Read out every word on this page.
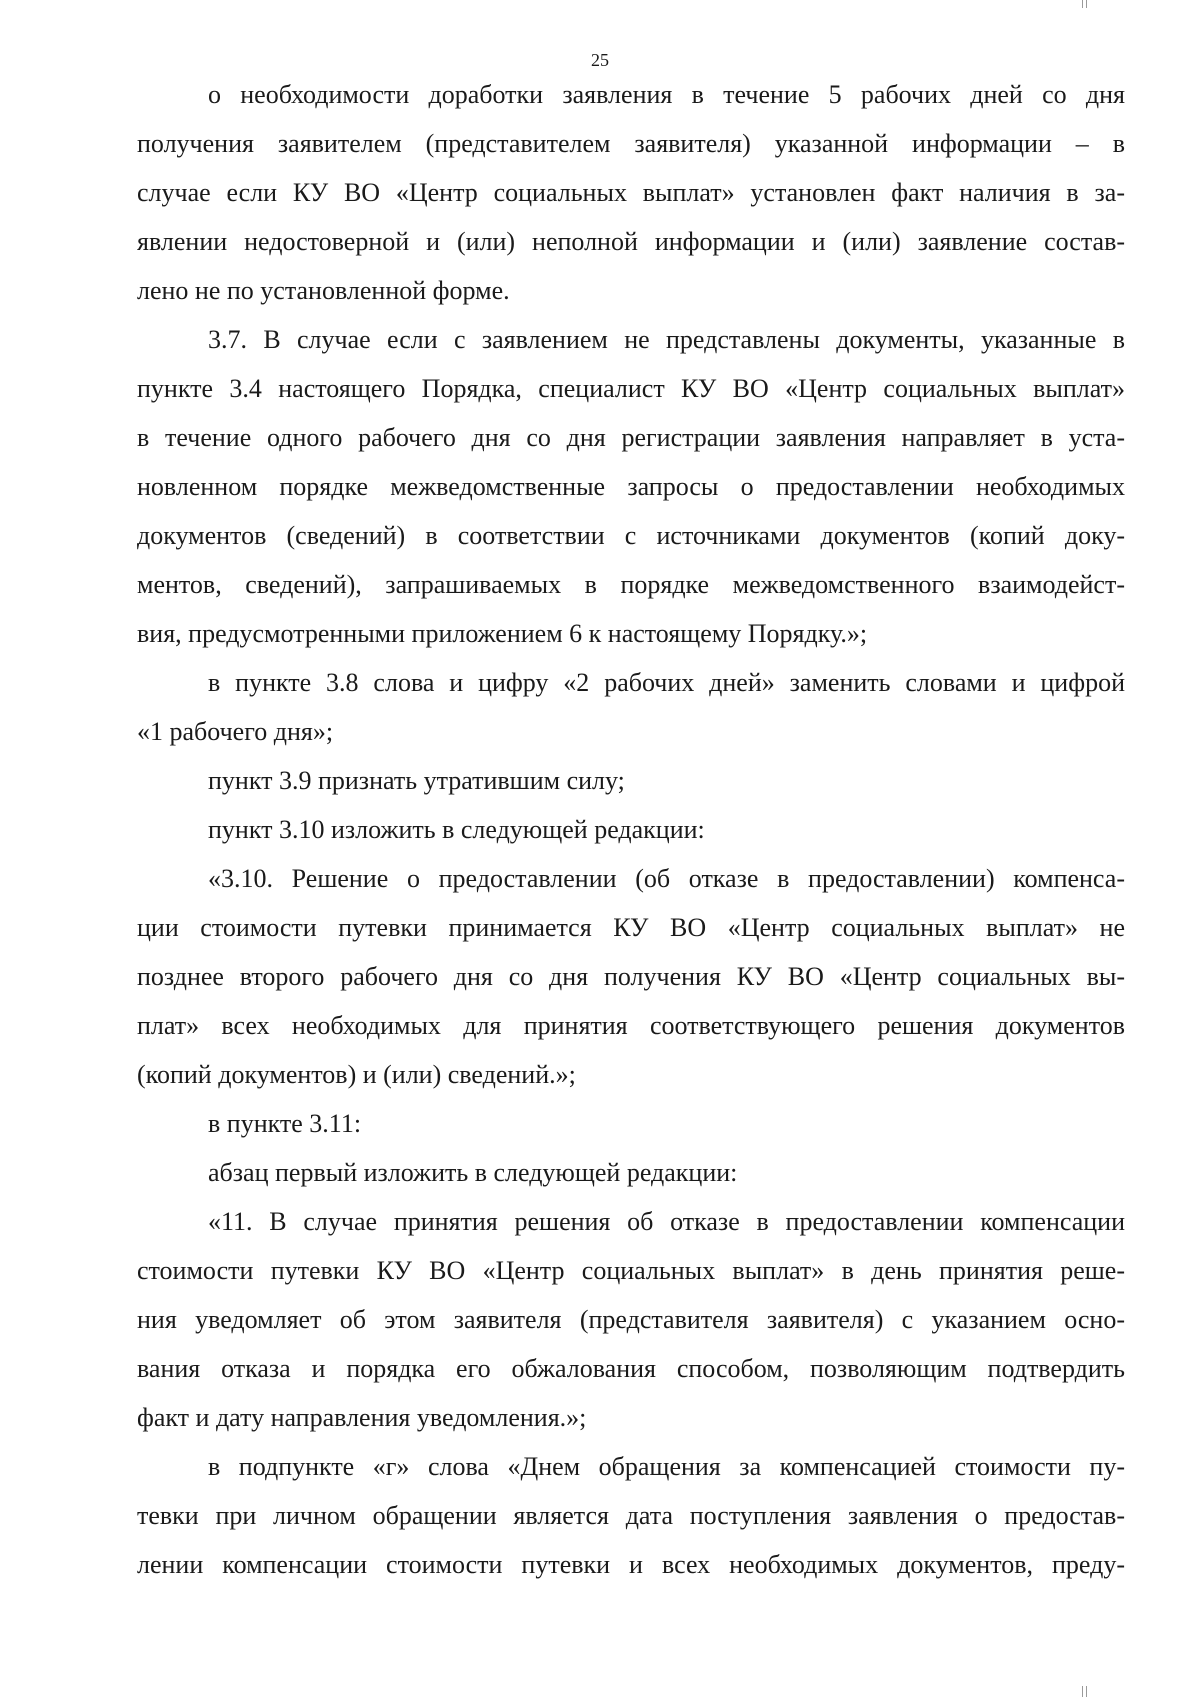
25
о необходимости доработки заявления в течение 5 рабочих дней со дня
получения заявителем (представителем заявителя) указанной информации – в
случае если КУ ВО «Центр социальных выплат» установлен факт наличия в за-
явлении недостоверной и (или) неполной информации и (или) заявление состав-
лено не по установленной форме.
3.7. В случае если с заявлением не представлены документы, указанные в
пункте 3.4 настоящего Порядка, специалист КУ ВО «Центр социальных выплат»
в течение одного рабочего дня со дня регистрации заявления направляет в уста-
новленном порядке межведомственные запросы о предоставлении необходимых
документов (сведений) в соответствии с источниками документов (копий доку-
ментов, сведений), запрашиваемых в порядке межведомственного взаимодейст-
вия, предусмотренными приложением 6 к настоящему Порядку.»;
в пункте 3.8 слова и цифру «2 рабочих дней» заменить словами и цифрой
«1 рабочего дня»;
пункт 3.9 признать утратившим силу;
пункт 3.10 изложить в следующей редакции:
«3.10. Решение о предоставлении (об отказе в предоставлении) компенса-
ции стоимости путевки принимается КУ ВО «Центр социальных выплат» не
позднее второго рабочего дня со дня получения КУ ВО «Центр социальных вы-
плат» всех необходимых для принятия соответствующего решения документов
(копий документов) и (или) сведений.»;
в пункте 3.11:
абзац первый изложить в следующей редакции:
«11. В случае принятия решения об отказе в предоставлении компенсации
стоимости путевки КУ ВО «Центр социальных выплат» в день принятия реше-
ния уведомляет об этом заявителя (представителя заявителя) с указанием осно-
вания отказа и порядка его обжалования способом, позволяющим подтвердить
факт и дату направления уведомления.»;
в подпункте «г» слова «Днем обращения за компенсацией стоимости пу-
тевки при личном обращении является дата поступления заявления о предостав-
лении компенсации стоимости путевки и всех необходимых документов, преду-
